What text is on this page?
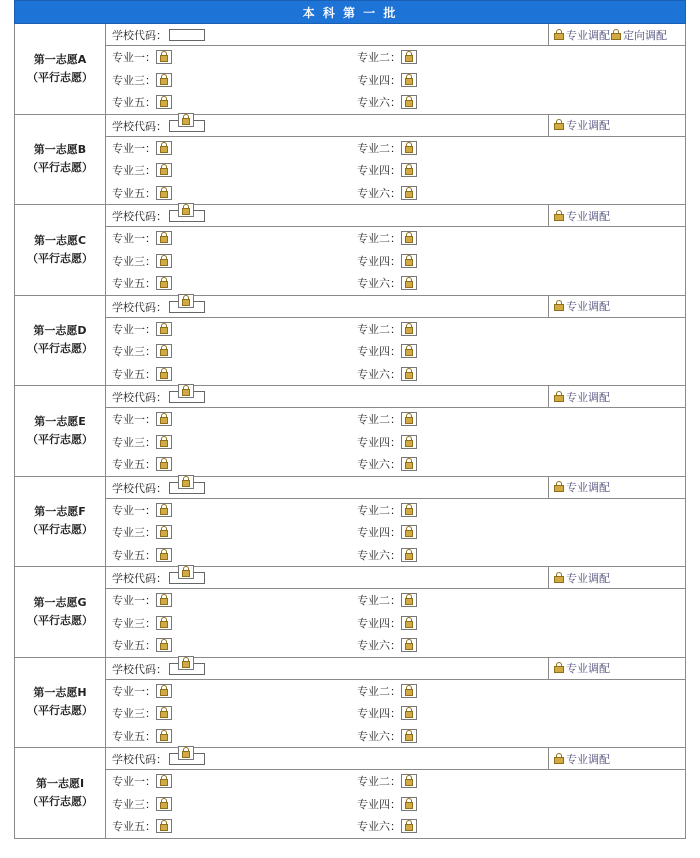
本 科 第 一 批
第一志愿A
（平行志愿）
学校代码：	专业调配 定向调配
专业一：	专业二：
专业三：	专业四：
专业五：	专业六：
第一志愿B
（平行志愿）
学校代码：	专业调配
专业一：	专业二：
专业三：	专业四：
专业五：	专业六：
第一志愿C
（平行志愿）
学校代码：	专业调配
专业一：	专业二：
专业三：	专业四：
专业五：	专业六：
第一志愿D
（平行志愿）
学校代码：	专业调配
专业一：	专业二：
专业三：	专业四：
专业五：	专业六：
第一志愿E
（平行志愿）
学校代码：	专业调配
专业一：	专业二：
专业三：	专业四：
专业五：	专业六：
第一志愿F
（平行志愿）
学校代码：	专业调配
专业一：	专业二：
专业三：	专业四：
专业五：	专业六：
第一志愿G
（平行志愿）
学校代码：	专业调配
专业一：	专业二：
专业三：	专业四：
专业五：	专业六：
第一志愿H
（平行志愿）
学校代码：	专业调配
专业一：	专业二：
专业三：	专业四：
专业五：	专业六：
第一志愿I
（平行志愿）
学校代码：	专业调配
专业一：	专业二：
专业三：	专业四：
专业五：	专业六：
